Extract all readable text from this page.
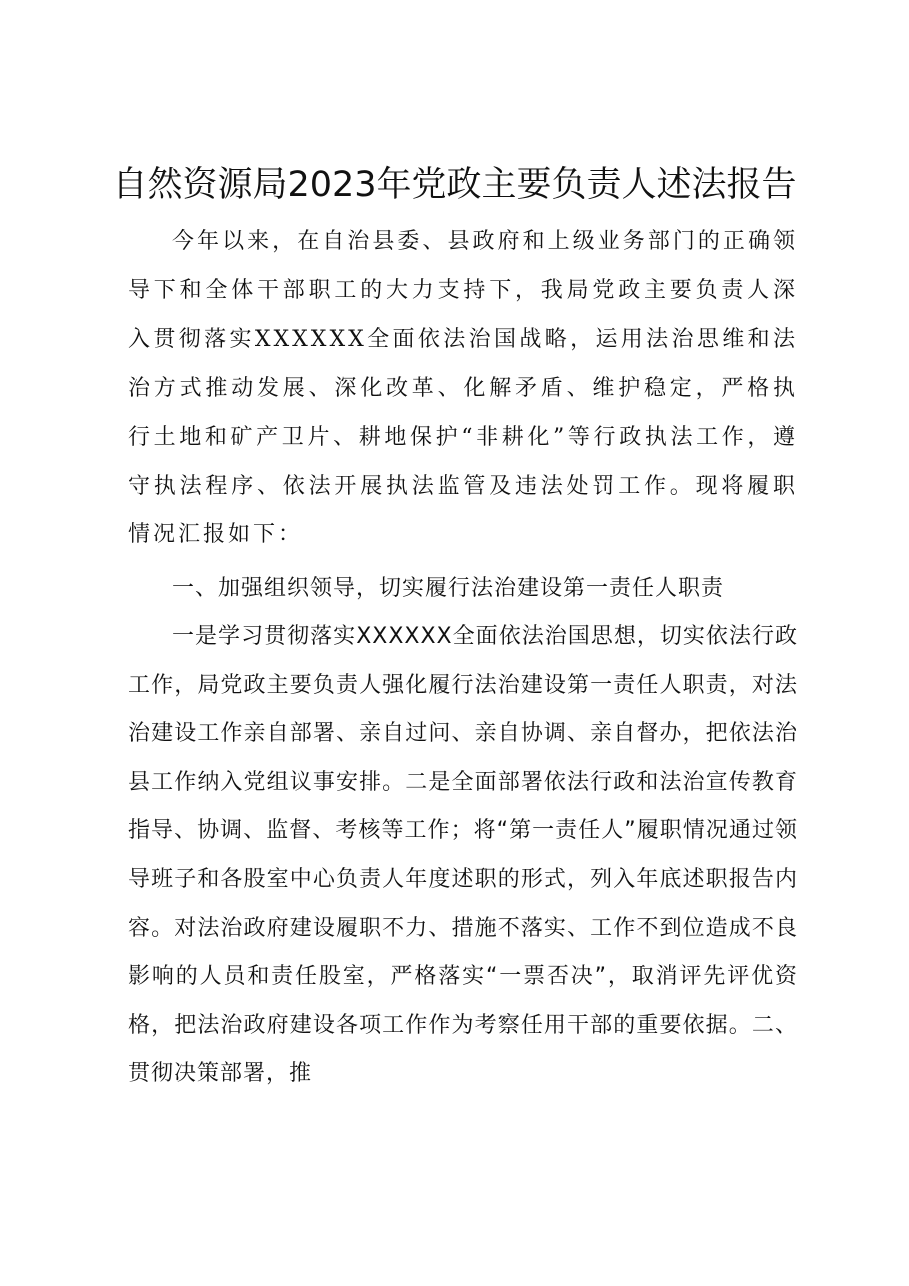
自然资源局2023年党政主要负责人述法报告

今年以来，在自治县委、县政府和上级业务部门的正确领导下和全体干部职工的大力支持下，我局党政主要负责人深入贯彻落实XXXXXX全面依法治国战略，运用法治思维和法治方式推动发展、深化改革、化解矛盾、维护稳定，严格执行土地和矿产卫片、耕地保护“非耕化”等行政执法工作，遵守执法程序、依法开展执法监管及违法处罚工作。现将履职情况汇报如下：

一、加强组织领导，切实履行法治建设第一责任人职责

一是学习贯彻落实XXXXXX全面依法治国思想，切实依法行政工作，局党政主要负责人强化履行法治建设第一责任人职责，对法治建设工作亲自部署、亲自过问、亲自协调、亲自督办，把依法治县工作纳入党组议事安排。二是全面部署依法行政和法治宣传教育指导、协调、监督、考核等工作；将“第一责任人”履职情况通过领导班子和各股室中心负责人年度述职的形式，列入年底述职报告内容。对法治政府建设履职不力、措施不落实、工作不到位造成不良影响的人员和责任股室，严格落实“一票否决”，取消评先评优资格，把法治政府建设各项工作作为考察任用干部的重要依据。二、贯彻决策部署，推
